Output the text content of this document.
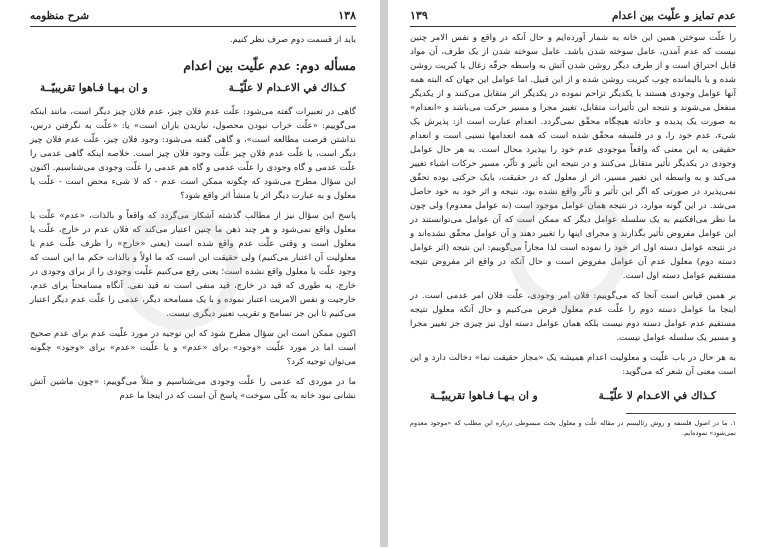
۱۳۸
شرح منظومه

باید از قسمت دوم صرف نظر کنیم.

مسأله دوم: عدم علّیت بین اعدام
كـذاك في الاعـدام لا علّيّــة
و ان بـهـا فـاهوا تقريبيّــة

گاهی در تعبیرات گفته می‌شود: علّت عدم فلان چیز، عدم فلان چیز دیگر است، مانند اینکه می‌گوییم: «علّت خراب نبودن محصول، نباریدن باران است» یا: «علّت به نگرفتن درس، نداشتن فرصت مطالعه است»، و گاهی گفته می‌شود: وجود فلان چیز، علّت عدم فلان چیز دیگر است، یا علّت عدم فلان چیز علّت وجود فلان چیز است. خلاصه اینکه گاهی عدمی را علّت عدمی و گاه وجودی را علّت عدمی و گاه هم عدمی را علّت وجودی می‌شناسیم. اکنون این سؤال مطرح می‌شود که چگونه ممکن است عدم - که لا شیء محض است - علّت یا معلول و به عبارت دیگر اثر یا منشأ اثر واقع شود؟

پاسخ این سؤال نیز از مطالب گذشته آشکار می‌گردد که واقعاً و بالذات، «عدم» علّت یا معلول واقع نمی‌شود و هر چند ذهن ما چنین اعتبار می‌کند که فلان عدم در خارج، علّت یا معلول است و وقتی علّت عدم واقع شده است (یعنی «خارج» را ظرف علّت عدم یا معلولیت آن اعتبار می‌کنیم) ولی حقیقت این است که ما اولاً و بالذات حکم ما این است که وجود علّت یا معلول واقع نشده است؛ یعنی رفع می‌کنیم علّیت وجودی را از برای وجودی در خارج، به طوری که قید در خارج، قید منفی است نه قید نفی. آنگاه مسامحتاً برای عدم، خارجیت و نفس الامریت اعتبار نموده و با یک مسامحه دیگر، عدمی را علّت عدم دیگر اعتبار می‌کنیم تا این جز تسامح و تقریب تعبیر دیگری نیست.

اکنون ممکن است این سؤال مطرح شود که این توجیه در مورد علّیت عدم برای عدم صحیح است اما در مورد علّیت «وجود» برای «عدم» و یا علّیت «عدم» برای «وجود» چگونه می‌توان توجیه کرد؟

ما در موردی که عدمی را علّت وجودی می‌شناسیم و مثلاً می‌گوییم: «چون ماشین آتش نشانی نبود خانه به کلّی سوخت» پاسخ آن است که در اینجا ما عدم

عدم تمایز و علّیت بین اعدام
۱۳۹

را علّت سوختن همین این خانه به شمار آورده‌ایم و حال آنکه در واقع و نفس الامر چنین نیست که عدم آمدن، عامل سوخته شدن باشد. عامل سوخته شدن از یک طرف، آن مواد قابل احتراق است و از طرف دیگر روشن شدن آتش به واسطه جرقّه زغال یا کبریت روشن شده و یا بالیمانده چوب کبریت روشن شده و از این قبیل. اما عوامل این جهان که البته همه آنها عوامل وجودی هستند با یکدیگر تزاحم نموده در یکدیگر اثر متقابل می‌کنند و از یکدیگر منفعل می‌شوند و نتیجه این تأثیرات متقابل، تغییر مجرا و مسیر حرکت می‌باشد و «انعدام» به صورت یک پدیده و حادثه هیچگاه محقّق نمی‌گردد. انعدام عبارت است از: پذیرش یک شیء، عدم خود را، و در فلسفه محقّق شده است که همه انعدامها نسبی است و انعدام حقیقی به این معنی که واقعاً موجودی عدم خود را بپذیرد محال است. به هر حال عوامل وجودی در یکدیگر تأثیر متقابل می‌کنند و در نتیجه این تأثیر و تأثّر، مسیر حرکات اشیاء تغییر می‌کند و به واسطه این تغییر مسیر، اثر از معلول که در حقیقت، بایک حرکتی بوده تحقّق نمی‌پذیرد در صورتی که اگر این تأثیر و تأثّر واقع نشده بود، نتیجه و اثر خود به خود حاصل می‌شد. در این گونه موارد، در نتیجه همان عوامل موجود است (نه عوامل معدوم) ولی چون ما نظر می‌افکنیم به یک سلسله عوامل دیگر که ممکن است که آن عوامل می‌توانستند در این عوامل مفروض تأثیر بگذارند و مجرای اینها را تغییر دهند و آن عوامل محقّق نشده‌اند و در نتیجه عوامل دسته اول اثر خود را نموده است لذا مجازاً می‌گوییم: این نتیجه (اثر عوامل دسته دوم) معلول عدم آن عوامل مفروض است و حال آنکه در واقع اثر مفروض نتیجه مستقیم عوامل دسته اول است.

بر همین قیاس است آنجا که می‌گوییم: فلان امر وجودی، علّت فلان امر عدمی است. در اینجا ما عوامل دسته دوم را علّت عدم معلول فرض می‌کنیم و حال آنکه معلول نتیجه مستقیم عدم عوامل دسته دوم نیست بلکه همان عوامل دسته اول نیز چیزی جز تغییر مجرا و مسیر یک سلسله عوامل نیست.

به هر حال در باب علّیت و معلولیت اعدام همیشه یک «مجاز حقیقت نما» دخالت دارد و این است معنی آن شعر که می‌گوید:

كـذاك في الاعـدام لا علّيّــة
و ان بـهـا فـاهوا تقريبيّــة
۱. ما در اصول فلسفه و روش رئالیسم در مقاله علّت و معلول بحث مبسوطی درباره این مطلب که «موجود معدوم نمی‌شود» نموده‌ایم.
